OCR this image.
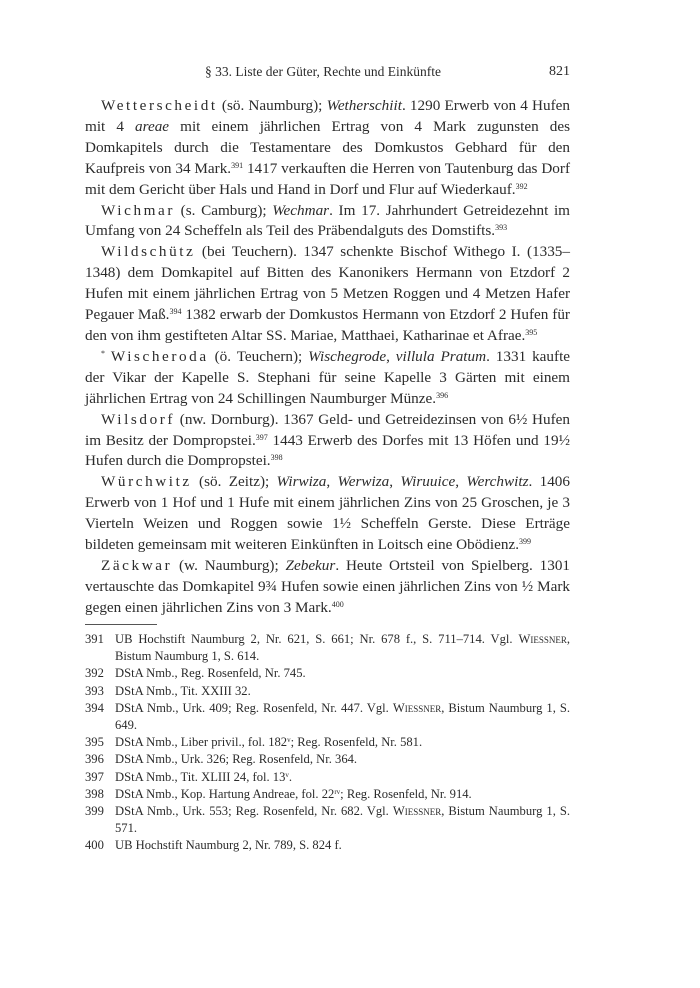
§ 33. Liste der Güter, Rechte und Einkünfte	821

Wetterscheidt (sö. Naumburg); Wetherschiit. 1290 Erwerb von 4 Hufen mit 4 areae mit einem jährlichen Ertrag von 4 Mark zugunsten des Domkapitels durch die Testamentare des Domkustos Gebhard für den Kaufpreis von 34 Mark.$^{391}$ 1417 verkauften die Herren von Tautenburg das Dorf mit dem Gericht über Hals und Hand in Dorf und Flur auf Wiederkauf.$^{392}$

Wichmar (s. Camburg); Wechmar. Im 17. Jahrhundert Getreidezehnt im Umfang von 24 Scheffeln als Teil des Präbendalguts des Domstifts.$^{393}$

Wildschütz (bei Teuchern). 1347 schenkte Bischof Withego I. (1335–1348) dem Domkapitel auf Bitten des Kanonikers Hermann von Etzdorf 2 Hufen mit einem jährlichen Ertrag von 5 Metzen Roggen und 4 Metzen Hafer Pegauer Maß.$^{394}$ 1382 erwarb der Domkustos Hermann von Etzdorf 2 Hufen für den von ihm gestifteten Altar SS. Mariae, Matthaei, Katharinae et Afrae.$^{395}$

* Wischeroda (ö. Teuchern); Wischegrode, villula Pratum. 1331 kaufte der Vikar der Kapelle S. Stephani für seine Kapelle 3 Gärten mit einem jährlichen Ertrag von 24 Schillingen Naumburger Münze.$^{396}$

Wilsdorf (nw. Dornburg). 1367 Geld- und Getreidezinsen von 6½ Hufen im Besitz der Dompropstei.$^{397}$ 1443 Erwerb des Dorfes mit 13 Höfen und 19½ Hufen durch die Dompropstei.$^{398}$

Würchwitz (sö. Zeitz); Wirwiza, Werwiza, Wiruuice, Werchwitz. 1406 Erwerb von 1 Hof und 1 Hufe mit einem jährlichen Zins von 25 Groschen, je 3 Vierteln Weizen und Roggen sowie 1½ Scheffeln Gerste. Diese Erträge bildeten gemeinsam mit weiteren Einkünften in Loitsch eine Obödienz.$^{399}$

Zäckwar (w. Naumburg); Zebekur. Heute Ortsteil von Spielberg. 1301 vertauschte das Domkapitel 9¾ Hufen sowie einen jährlichen Zins von ½ Mark gegen einen jährlichen Zins von 3 Mark.$^{400}$

391 UB Hochstift Naumburg 2, Nr. 621, S. 661; Nr. 678 f., S. 711–714. Vgl. Wiessner, Bistum Naumburg 1, S. 614.

392 DStA Nmb., Reg. Rosenfeld, Nr. 745.

393 DStA Nmb., Tit. XXIII 32.

394 DStA Nmb., Urk. 409; Reg. Rosenfeld, Nr. 447. Vgl. Wiessner, Bistum Naumburg 1, S. 649.

395 DStA Nmb., Liber privil., fol. 182$^v$; Reg. Rosenfeld, Nr. 581.

396 DStA Nmb., Urk. 326; Reg. Rosenfeld, Nr. 364.

397 DStA Nmb., Tit. XLIII 24, fol. 13$^v$.

398 DStA Nmb., Kop. Hartung Andreae, fol. $22^{rv}$; Reg. Rosenfeld, Nr. 914.

399 DStA Nmb., Urk. 553; Reg. Rosenfeld, Nr. 682. Vgl. Wiessner, Bistum Naumburg 1, S. 571.

400 UB Hochstift Naumburg 2, Nr. 789, S. 824 f.
